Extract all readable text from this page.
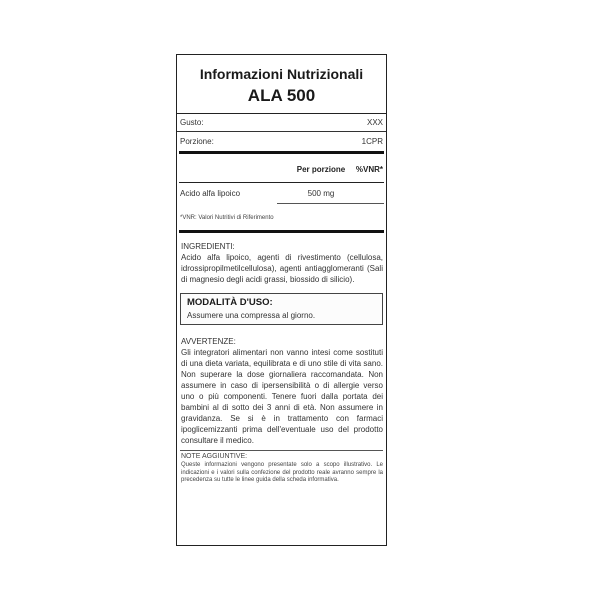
Informazioni Nutrizionali
ALA 500
Gusto:	XXX
Porzione:	1CPR
Per porzione	%VNR*
Acido alfa lipoico	500 mg
*VNR: Valori Nutritivi di Riferimento
INGREDIENTI:
Acido alfa lipoico, agenti di rivestimento (cellulosa, idrossipropilmetilcellulosa), agenti antiagglomeranti (Sali di magnesio degli acidi grassi, biossido di silicio).
MODALITÀ D'USO:
Assumere una compressa al giorno.
AVVERTENZE:
Gli integratori alimentari non vanno intesi come sostituti di una dieta variata, equilibrata e di uno stile di vita sano. Non superare la dose giornaliera raccomandata. Non assumere in caso di ipersensibilità o di allergie verso uno o più componenti. Tenere fuori dalla portata dei bambini al di sotto dei 3 anni di età. Non assumere in gravidanza. Se si è in trattamento con farmaci ipoglicemizzanti prima dell'eventuale uso del prodotto consultare il medico.
NOTE AGGIUNTIVE:
Queste informazioni vengono presentate solo a scopo illustrativo. Le indicazioni e i valori sulla confezione del prodotto reale avranno sempre la precedenza su tutte le linee guida della scheda informativa.
